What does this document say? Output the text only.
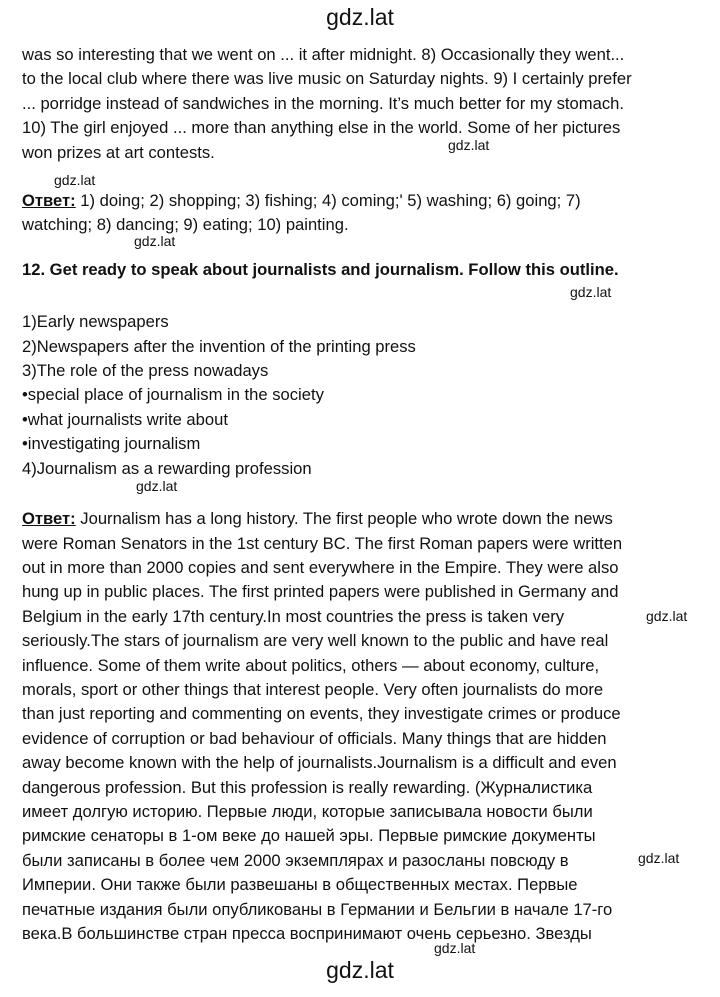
gdz.lat

was so interesting that we went on ... it after midnight. 8) Occasionally they went...

to the local club where there was live music on Saturday nights. 9) I certainly prefer

... porridge instead of sandwiches in the morning. It’s much better for my stomach.

10) The girl enjoyed ... more than anything else in the world. Some of her pictures

won prizes at art contests.

Ответ: 1) doing; 2) shopping; 3) fishing; 4) coming;' 5) washing; 6) going; 7)

watching; 8) dancing; 9) eating; 10) painting.

12. Get ready to speak about journalists and journalism. Follow this outline.

1)Early newspapers

2)Newspapers after the invention of the printing press

3)The role of the press nowadays

•special place of journalism in the society

•what journalists write about

•investigating journalism

4)Journalism as a rewarding profession

Ответ: Journalism has a long history. The first people who wrote down the news

were Roman Senators in the 1st century BC. The first Roman papers were written

out in more than 2000 copies and sent everywhere in the Empire. They were also

hung up in public places. The first printed papers were published in Germany and

Belgium in the early 17th century.In most countries the press is taken very

seriously.The stars of journalism are very well known to the public and have real

influence. Some of them write about politics, others — about economy, culture,

morals, sport or other things that interest people. Very often journalists do more

than just reporting and commenting on events, they investigate crimes or produce

evidence of corruption or bad behaviour of officials. Many things that are hidden

away become known with the help of journalists.Journalism is a difficult and even

dangerous profession. But this profession is really rewarding. (Журналистика

имеет долгую историю. Первые люди, которые записывала новости были

римские сенаторы в 1-ом веке до нашей эры. Первые римские документы

были записаны в более чем 2000 экземплярах и разосланы повсюду в

Империи. Они также были развешаны в общественных местах. Первые

печатные издания были опубликованы в Германии и Бельгии в начале 17-го

века.В большинстве стран пресса воспринимают очень серьезно. Звезды

gdz.lat
gdz.lat
gdz.lat
gdz.lat
gdz.lat
gdz.lat
gdz.lat
gdz.lat
gdz.lat
